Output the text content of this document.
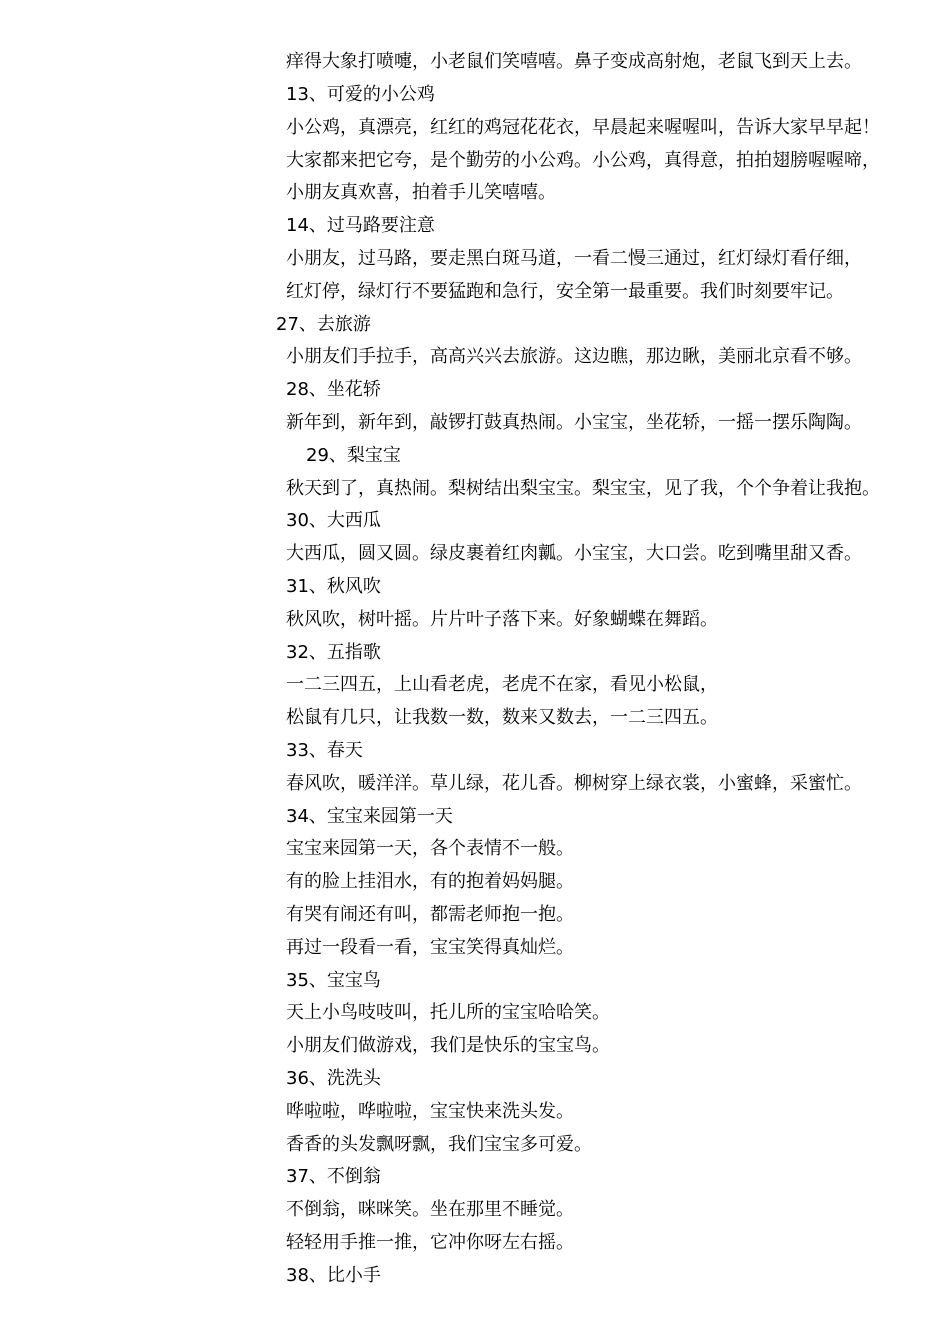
痒得大象打喷嚏，小老鼠们笑嘻嘻。鼻子变成高射炮，老鼠飞到天上去。
13、可爱的小公鸡
小公鸡，真漂亮，红红的鸡冠花花衣，早晨起来喔喔叫，告诉大家早早起！
大家都来把它夸，是个勤劳的小公鸡。小公鸡，真得意，拍拍翅膀喔喔啼，
小朋友真欢喜，拍着手儿笑嘻嘻。
14、过马路要注意
小朋友，过马路，要走黑白斑马道，一看二慢三通过，红灯绿灯看仔细，
红灯停，绿灯行不要猛跑和急行，安全第一最重要。我们时刻要牢记。
27、去旅游
小朋友们手拉手，高高兴兴去旅游。这边瞧，那边瞅，美丽北京看不够。
28、坐花轿
新年到，新年到，敲锣打鼓真热闹。小宝宝，坐花轿，一摇一摆乐陶陶。
29、梨宝宝
秋天到了，真热闹。梨树结出梨宝宝。梨宝宝，见了我，个个争着让我抱。
30、大西瓜
大西瓜，圆又圆。绿皮裹着红肉瓤。小宝宝，大口尝。吃到嘴里甜又香。
31、秋风吹
秋风吹，树叶摇。片片叶子落下来。好象蝴蝶在舞蹈。
32、五指歌
一二三四五，上山看老虎，老虎不在家，看见小松鼠，
松鼠有几只，让我数一数，数来又数去，一二三四五。
33、春天
春风吹，暖洋洋。草儿绿，花儿香。柳树穿上绿衣裳，小蜜蜂，采蜜忙。
34、宝宝来园第一天
宝宝来园第一天，各个表情不一般。
有的脸上挂泪水，有的抱着妈妈腿。
有哭有闹还有叫，都需老师抱一抱。
再过一段看一看，宝宝笑得真灿烂。
35、宝宝鸟
天上小鸟吱吱叫，托儿所的宝宝哈哈笑。
小朋友们做游戏，我们是快乐的宝宝鸟。
36、洗洗头
哗啦啦，哗啦啦，宝宝快来洗头发。
香香的头发飘呀飘，我们宝宝多可爱。
37、不倒翁
不倒翁，咪咪笑。坐在那里不睡觉。
轻轻用手推一推，它冲你呀左右摇。
38、比小手
